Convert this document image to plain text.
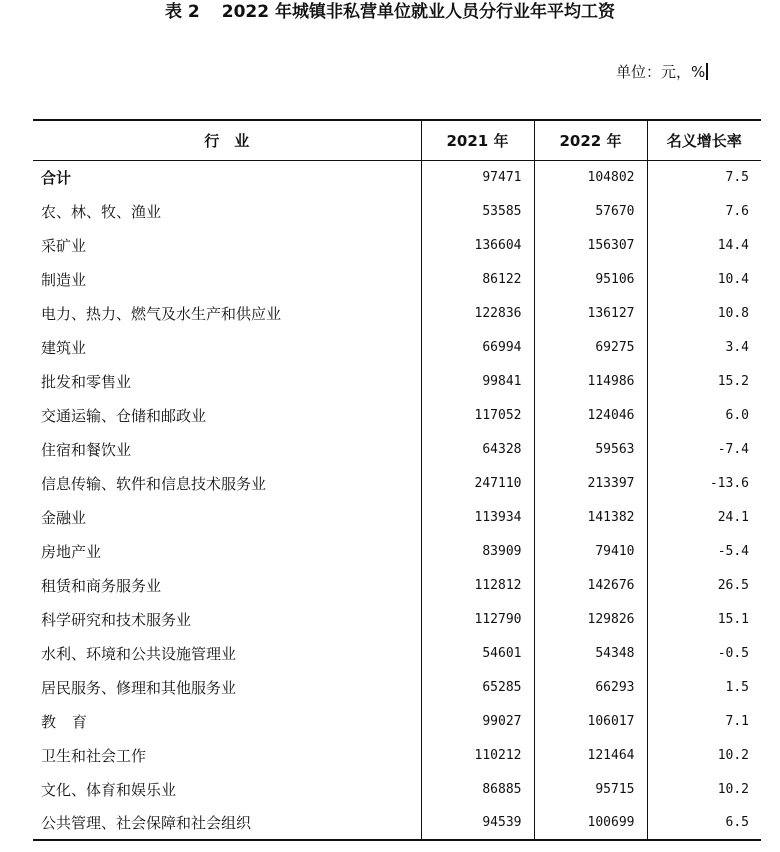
表 2 2022 年城镇非私营单位就业人员分行业年平均工资
单位：元，%
行　业	2021 年	2022 年	名义增长率
合计	97471	104802	7.5
农、林、牧、渔业	53585	57670	7.6
采矿业	136604	156307	14.4
制造业	86122	95106	10.4
电力、热力、燃气及水生产和供应业	122836	136127	10.8
建筑业	66994	69275	3.4
批发和零售业	99841	114986	15.2
交通运输、仓储和邮政业	117052	124046	6.0
住宿和餐饮业	64328	59563	-7.4
信息传输、软件和信息技术服务业	247110	213397	-13.6
金融业	113934	141382	24.1
房地产业	83909	79410	-5.4
租赁和商务服务业	112812	142676	26.5
科学研究和技术服务业	112790	129826	15.1
水利、环境和公共设施管理业	54601	54348	-0.5
居民服务、修理和其他服务业	65285	66293	1.5
教育	99027	106017	7.1
卫生和社会工作	110212	121464	10.2
文化、体育和娱乐业	86885	95715	10.2
公共管理、社会保障和社会组织	94539	100699	6.5
